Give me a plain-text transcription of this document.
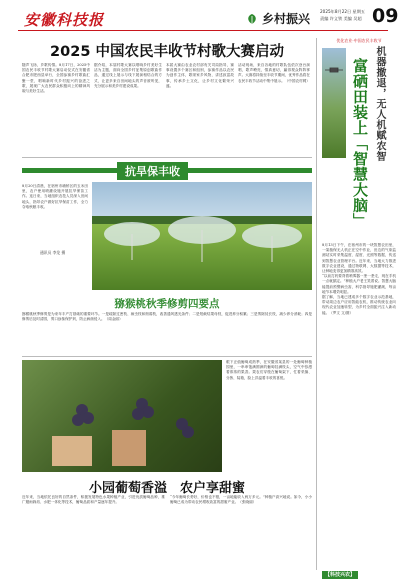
安徽科技报	乡村振兴
2025年8月22日 星期五
责编 许义铁 美编 吴超 09
2025 中国农民丰收节村歌大赛启动
随声飞扬，乡歌传情。8月17日，2025中国农民丰收节村歌大赛启动仪式在安徽省合肥市肥西县举行，全国参赛乡村歌曲汇聚一堂，唱响新时代乡村振兴的奋进之歌，展现广大农民群众积极向上的精神风貌与美好生活。
据介绍，本届村歌大赛以唱响乡村美好生活为主题，面向全国乡村征集原创歌曲作品，通过线上展示与线下展演相结合的方式，让更多来自田间地头的声音被听见，充分展示和美乡村建设成果。
本届大赛由农业农村部有关司局指导，赛事设置多个赛区和组别，参赛作品以农民为创作主体，歌颂家乡风物，讲述致富故事，传承乡土文化，让乡村文化繁荣兴盛。
活动现场，来自各地的村歌队伍依次登台演唱，歌声嘹亮，情真意切，赢得观众阵阵掌声。大赛将持续至丰收节期间，优秀作品将在农民丰收节活动中集中展示。（中国农村网）
抗旱保丰收
8月20日清晨，在宿州市埇桥区的玉米田里，农户使用喷灌设施开展抗旱保苗工作。连日来，当地组织农技人员深入田间地头，指导农户做好抗旱保苗工作，全力夺取秋粮丰收。
通讯员 李龙 摄
猕猴桃秋季修剪四要点
猕猴桃秋季修剪是为来年丰产打基础的重要环节。一是疏除过密枝、病虫枝和细弱枝，改善通风透光条件；二是短截结果母枝，促进养分积累；三是剪除徒长枝，减少养分消耗；四是修剪后及时清园，剪口涂抹保护剂，防止病菌侵入。（周金丽）
眼下正值葡萄成熟季，在安徽省某县的一处葡萄种植园里，一串串饱满圆润的葡萄挂满枝头，空气中弥漫着浓浓的果香。果农们穿梭在葡萄架下，忙着采摘、分拣、装箱，脸上洋溢着丰收的喜悦。
小园葡萄香溢　农户享甜蜜
近年来，当地依托良好的自然条件，积极发展特色水果种植产业，引进优质葡萄品种，推广避雨栽培、水肥一体化等技术，葡萄品质和产量逐年提升。
“今年葡萄长势好，价格也不错，一亩地能收入两万多元。”种植户高兴地说。如今，小小葡萄已成为带动农民增收致富的甜蜜产业。（张晓丽）
优化农业·中国农民丰收节
机器撤退，无人机赋农智
富硒田装上「智慧大脑」
8月13日下午，在宿州市的一块智慧农田里，一架植保无人机正在空中作业，田边的气象监测站实时采集温度、湿度、光照等数据，传送到智慧农业管理平台。近年来，当地大力推进数字农业建设，通过物联网、大数据等技术，让种地变得更加精准高效。
“以前打药要背着喷雾器一垄一垄走，现在手机一点就搞定。”种植大户老王笑着说。智慧大脑能提前预警病虫害，科学指导施肥灌溉，每亩地节本增效明显。
据了解，当地已建成多个数字农业示范基地，带动周边农户应用智能农机，推动传统农业向现代农业加速转型，为乡村全面振兴注入新动能。（罗文 文/图）
【科技兴农】
